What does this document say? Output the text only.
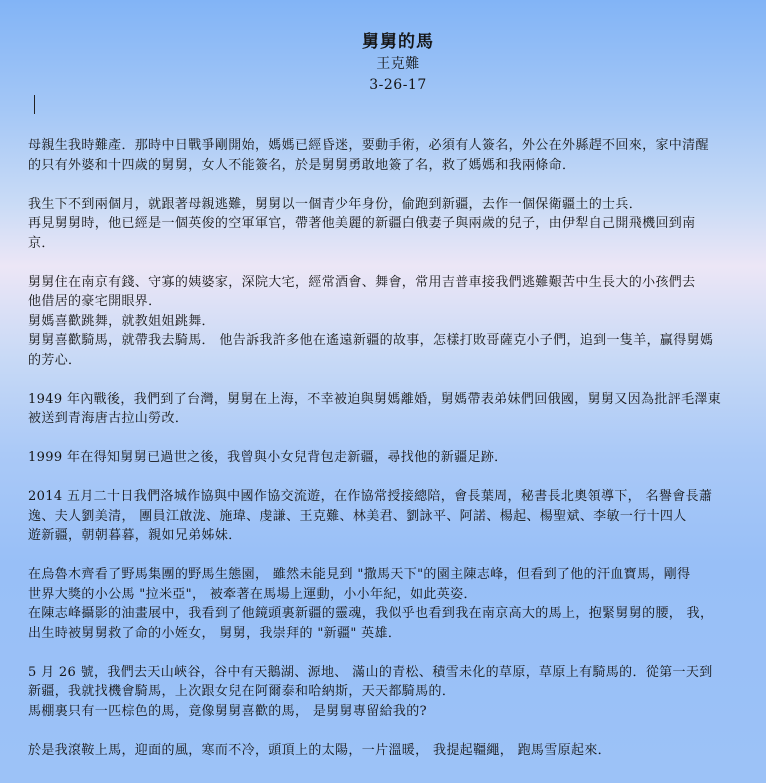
舅舅的馬
王克難
3-26-17
母親生我時難產．那時中日戰爭剛開始，媽媽已經昏迷，要動手術，必須有人簽名，外公在外縣趕不回來，家中清醒
的只有外婆和十四歲的舅舅，女人不能簽名，於是舅舅勇敢地簽了名，救了媽媽和我兩條命．
我生下不到兩個月，就跟著母親逃難，舅舅以一個青少年身份，偷跑到新疆，去作一個保衛疆土的士兵．
再見舅舅時，他已經是一個英俊的空軍軍官，帶著他美麗的新疆白俄妻子與兩歲的兒子，由伊犁自己開飛機回到南
京．
舅舅住在南京有錢、守寡的姨婆家，深院大宅，經常酒會、舞會，常用吉普車接我們逃難艱苦中生長大的小孩們去
他借居的豪宅開眼界．
舅媽喜歡跳舞，就教姐姐跳舞．
舅舅喜歡騎馬，就帶我去騎馬． 他告訴我許多他在遙遠新疆的故事，怎樣打敗哥薩克小子們，追到一隻羊，贏得舅媽
的芳心．
1949 年內戰後，我們到了台灣，舅舅在上海，不幸被迫與舅媽離婚，舅媽帶表弟妹們回俄國，舅舅又因為批評毛澤東
被送到青海唐古拉山勞改．
1999 年在得知舅舅已過世之後，我曾與小女兒背包走新疆，尋找他的新疆足跡．
2014 五月二十日我們洛城作協與中國作協交流遊，在作協常授接總陪，會長葉周，秘書長北奧領導下， 名譽會長蕭
逸、夫人劉美清， 團員江啟泷、施瑋、虔謙、王克難、林美君、劉詠平、阿諾、楊起、楊聖斌、李敏一行十四人
遊新疆，朝朝暮暮，親如兄弟姊妹．
在烏魯木齊看了野馬集團的野馬生態園， 雖然未能見到 "撒馬天下"的園主陳志峰，但看到了他的汗血寶馬，剛得
世界大獎的小公馬 "拉米亞"， 被牽著在馬場上運動，小小年紀，如此英姿．
在陳志峰攝影的油畫展中，我看到了他鏡頭裏新疆的靈魂，我似乎也看到我在南京高大的馬上，抱緊舅舅的腰， 我，
出生時被舅舅救了命的小姪女， 舅舅，我崇拜的 "新疆" 英雄．
5 月 26 號，我們去天山峽谷，谷中有天鵝湖、源地、 滿山的青松、積雪未化的草原，草原上有騎馬的．從第一天到
新疆，我就找機會騎馬，上次跟女兒在阿爾泰和哈納斯，天天都騎馬的．
馬棚裏只有一匹棕色的馬，竟像舅舅喜歡的馬， 是舅舅專留給我的?
於是我滾鞍上馬，迎面的風，寒而不冷，頭頂上的太陽，一片溫暖， 我提起韁繩， 跑馬雪原起來．
